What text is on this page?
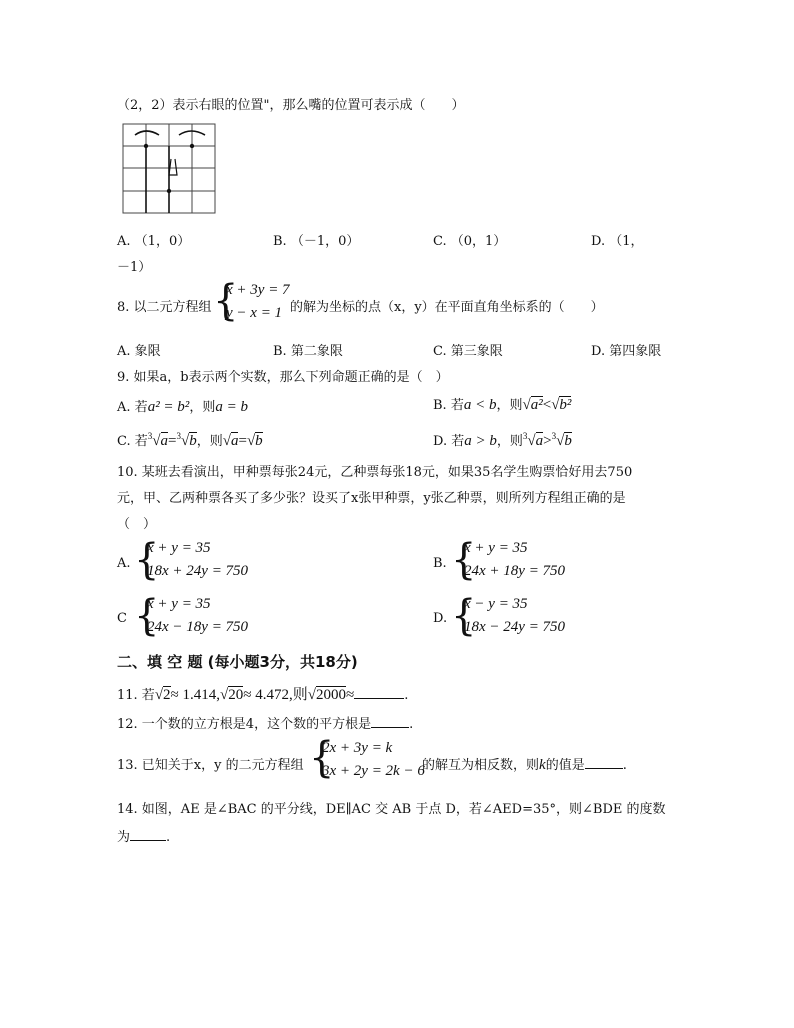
（2，2）表示右眼的位置"，那么嘴的位置可表示成（　　）
A. （1，0）	B. （－1，0）	C. （0，1）	D. （1，
－1）
8. 以二元方程组 {
x + 3y = 7
y − x = 1 的解为坐标的点（x，y）在平面直角坐标系的（　　）
A. 象限	B. 第二象限	C. 第三象限	D. 第四象限
9. 如果a，b表示两个实数，那么下列命题正确的是（　）
A. 若a² = b²，则a = b	B. 若a < b，则√a²<√b²
C. 若$^3$√a=$^3$√b，则√a=√b	D. 若a > b，则$^3$√a>$^3$√b
10. 某班去看演出，甲种票每张24元，乙种票每张18元，如果35名学生购票恰好用去750
元，甲、乙两种票各买了多少张？设买了x张甲种票，y张乙种票，则所列方程组正确的是
（　）
A. {
x + y = 35
18x + 24y = 750	B. {
x + y = 35
24x + 18y = 750
C {
x + y = 35
24x − 18y = 750
D. {
x − y = 35
18x − 24y = 750
二、填 空 题 (每小题3分，共18分)
11. 若√2≈ 1.414,√20≈ 4.472,则√2000≈	.
12. 一个数的立方根是4，这个数的平方根是	.
13. 已知关于x，y 的二元方程组 {
2x + 3y = k
3x + 2y = 2k − 6
的解互为相反数，则k的值是	.
14. 如图，AE 是∠BAC 的平分线，DE∥AC 交 AB 于点 D，若∠AED=35°，则∠BDE 的度数
为	.
